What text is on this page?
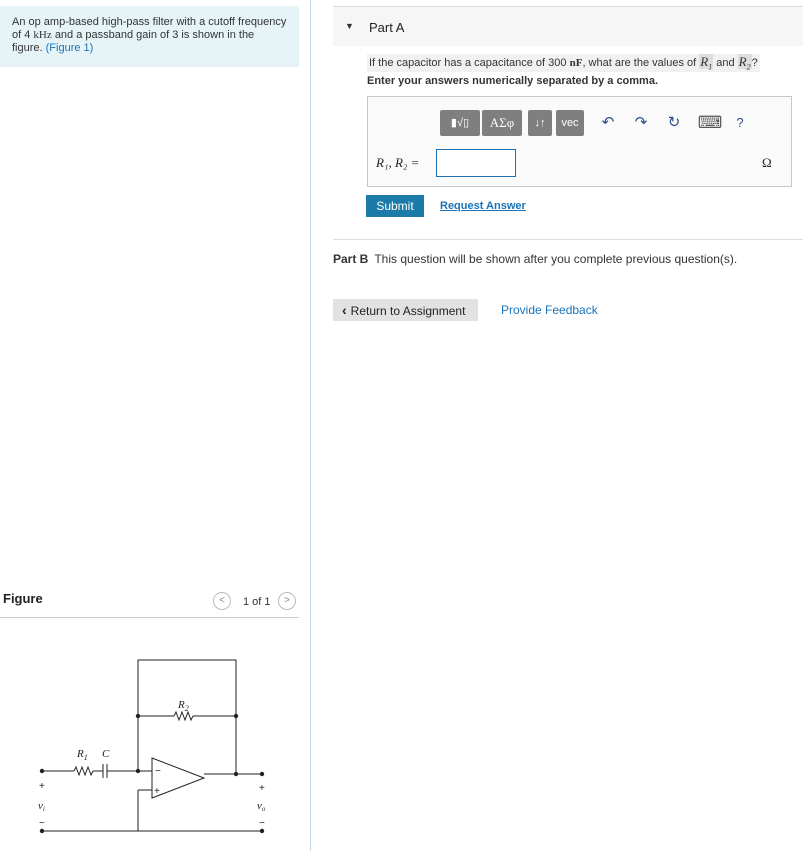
An op amp-based high-pass filter with a cutoff frequency of 4 kHz and a passband gain of 3 is shown in the figure. (Figure 1)
Figure	<	1 of 1	>
$R_2$
$R_1$ C
vi	vo
+
−
+
−
−
+
▼ Part A
If the capacitor has a capacitance of 300 nF, what are the values of $R_1$ and $R_2$?
Enter your answers numerically separated by a comma.
▮√▯	ΑΣφ	↓↑	vec	↶	↷	↻ ⌨	?
R₁, R₂ =	Ω
Submit	Request Answer
Part B This question will be shown after you complete previous question(s).
‹ Return to Assignment	Provide Feedback
